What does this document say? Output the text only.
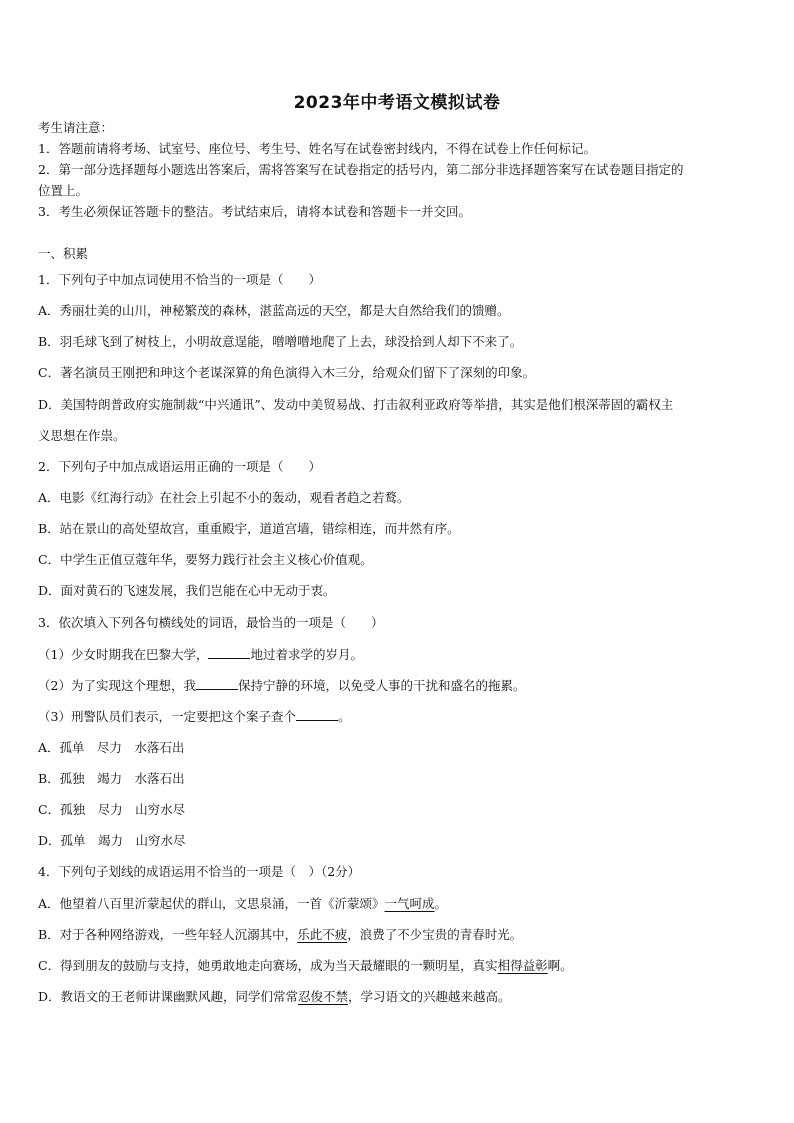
2023年中考语文模拟试卷
考生请注意：
1．答题前请将考场、试室号、座位号、考生号、姓名写在试卷密封线内，不得在试卷上作任何标记。
2．第一部分选择题每小题选出答案后，需将答案写在试卷指定的括号内，第二部分非选择题答案写在试卷题目指定的
位置上。
3．考生必须保证答题卡的整洁。考试结束后，请将本试卷和答题卡一并交回。
一、积累
1．下列句子中加点词使用不恰当的一项是（　　）
A．秀丽壮美的山川，神秘繁茂的森林，湛蓝高远的天空，都是大自然给我们的馈赠。
B．羽毛球飞到了树枝上，小明故意逞能，噌噌噌地爬了上去，球没拾到人却下不来了。
C．著名演员王刚把和珅这个老谋深算的角色演得入木三分，给观众们留下了深刻的印象。
D．美国特朗普政府实施制裁“中兴通讯”、发动中美贸易战、打击叙利亚政府等举措，其实是他们根深蒂固的霸权主
义思想在作祟。
2．下列句子中加点成语运用正确的一项是（　　）
A．电影《红海行动》在社会上引起不小的轰动，观看者趋之若鹜。
B．站在景山的高处望故宫，重重殿宇，道道宫墙，错综相连，而井然有序。
C．中学生正值豆蔻年华，要努力践行社会主义核心价值观。
D．面对黄石的飞速发展，我们岂能在心中无动于衷。
3．依次填入下列各句横线处的词语，最恰当的一项是（　　）
（1）少女时期我在巴黎大学，	地过着求学的岁月。
（2）为了实现这个理想，我	保持宁静的环境，以免受人事的干扰和盛名的拖累。
（3）刑警队员们表示，一定要把这个案子查个	。
A．孤单　尽力　水落石出
B．孤独　竭力　水落石出
C．孤独　尽力　山穷水尽
D．孤单　竭力　山穷水尽
4．下列句子划线的成语运用不恰当的一项是（　）（2分）
A．他望着八百里沂蒙起伏的群山，文思泉涌，一首《沂蒙颂》一气呵成。
B．对于各种网络游戏，一些年轻人沉溺其中，乐此不疲，浪费了不少宝贵的青春时光。
C．得到朋友的鼓励与支持，她勇敢地走向赛场，成为当天最耀眼的一颗明星，真实相得益彰啊。
D．教语文的王老师讲课幽默风趣，同学们常常忍俊不禁，学习语文的兴趣越来越高。
